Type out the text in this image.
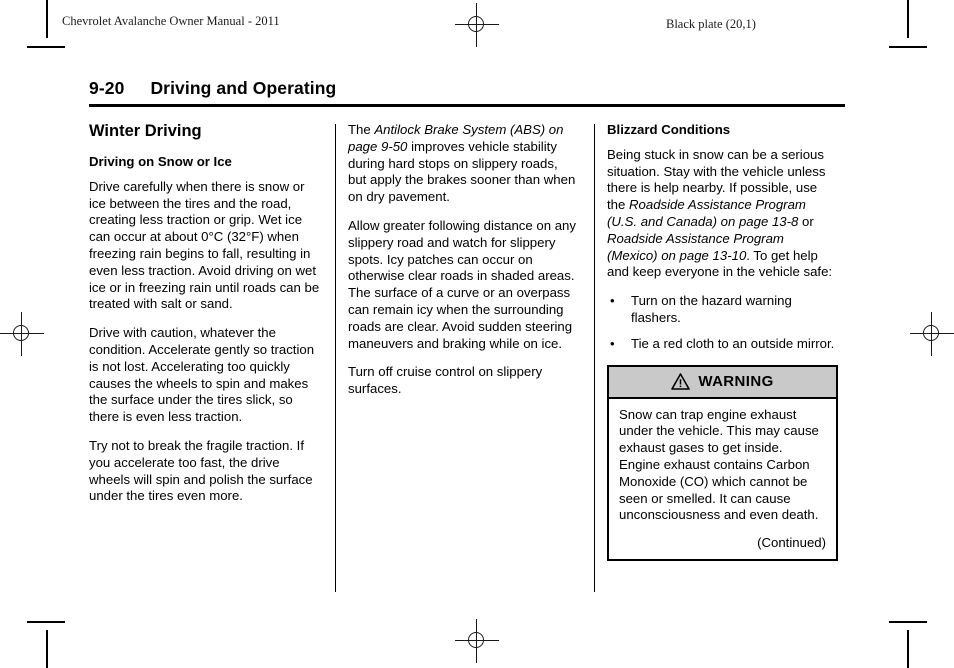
Chevrolet Avalanche Owner Manual - 2011	Black plate (20,1)
9-20 Driving and Operating
Winter Driving
Driving on Snow or Ice

Drive carefully when there is snow or ice between the tires and the road, creating less traction or grip. Wet ice can occur at about 0°C (32°F) when freezing rain begins to fall, resulting in even less traction. Avoid driving on wet ice or in freezing rain until roads can be treated with salt or sand.

Drive with caution, whatever the condition. Accelerate gently so traction is not lost. Accelerating too quickly causes the wheels to spin and makes the surface under the tires slick, so there is even less traction.

Try not to break the fragile traction. If you accelerate too fast, the drive wheels will spin and polish the surface under the tires even more.

The Antilock Brake System (ABS) on page 9-50 improves vehicle stability during hard stops on slippery roads, but apply the brakes sooner than when on dry pavement.

Allow greater following distance on any slippery road and watch for slippery spots. Icy patches can occur on otherwise clear roads in shaded areas. The surface of a curve or an overpass can remain icy when the surrounding roads are clear. Avoid sudden steering maneuvers and braking while on ice.

Turn off cruise control on slippery surfaces.

Blizzard Conditions

Being stuck in snow can be a serious situation. Stay with the vehicle unless there is help nearby. If possible, use the Roadside Assistance Program (U.S. and Canada) on page 13-8 or Roadside Assistance Program (Mexico) on page 13-10. To get help and keep everyone in the vehicle safe:

• Turn on the hazard warning flashers.
• Tie a red cloth to an outside mirror.
WARNING
Snow can trap engine exhaust under the vehicle. This may cause exhaust gases to get inside. Engine exhaust contains Carbon Monoxide (CO) which cannot be seen or smelled. It can cause unconsciousness and even death.
(Continued)
